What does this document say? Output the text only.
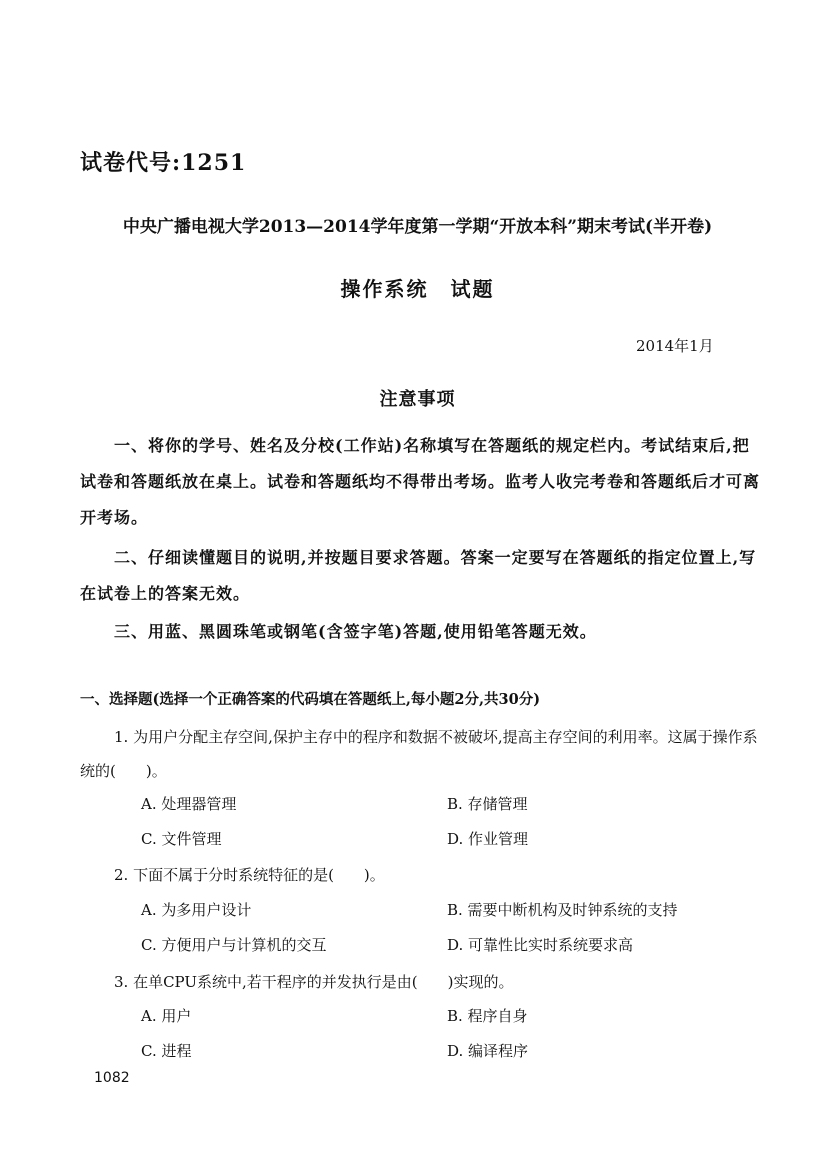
试卷代号:1251
中央广播电视大学2013—2014学年度第一学期“开放本科”期末考试(半开卷)
操作系统　试题
2014年1月
注意事项
一、将你的学号、姓名及分校(工作站)名称填写在答题纸的规定栏内。考试结束后,把试卷和答题纸放在桌上。试卷和答题纸均不得带出考场。监考人收完考卷和答题纸后才可离开考场。
二、仔细读懂题目的说明,并按题目要求答题。答案一定要写在答题纸的指定位置上,写在试卷上的答案无效。
三、用蓝、黑圆珠笔或钢笔(含签字笔)答题,使用铅笔答题无效。
一、选择题(选择一个正确答案的代码填在答题纸上,每小题2分,共30分)
1. 为用户分配主存空间,保护主存中的程序和数据不被破坏,提高主存空间的利用率。这属于操作系统的(　　)。
A. 处理器管理	B. 存储管理
C. 文件管理	D. 作业管理
2. 下面不属于分时系统特征的是(　　)。
A. 为多用户设计	B. 需要中断机构及时钟系统的支持
C. 方便用户与计算机的交互	D. 可靠性比实时系统要求高
3. 在单CPU系统中,若干程序的并发执行是由(　　)实现的。
A. 用户	B. 程序自身
C. 进程	D. 编译程序
1082
